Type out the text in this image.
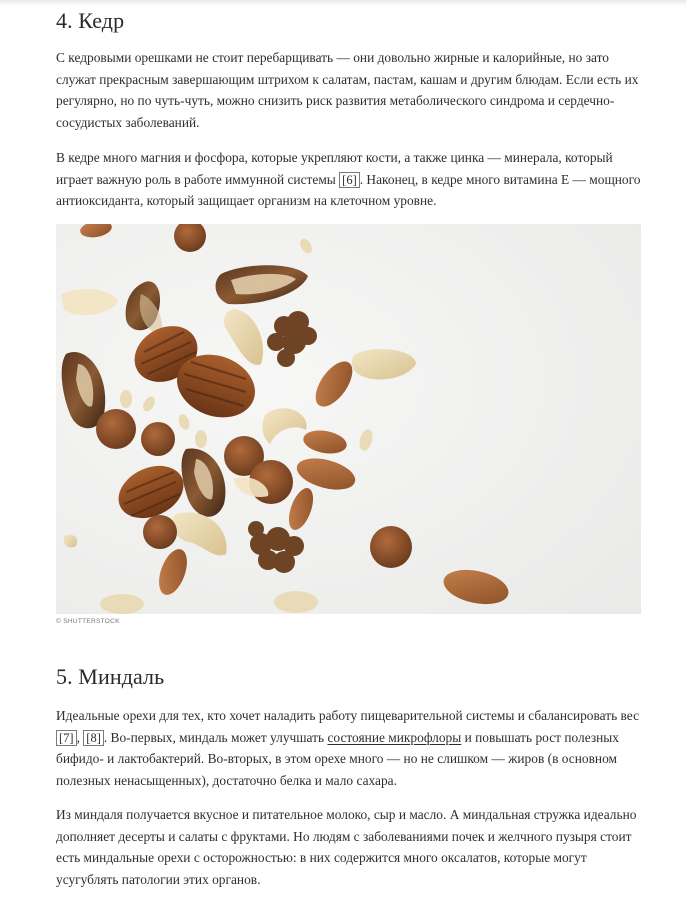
4. Кедр

С кедровыми орешками не стоит перебарщивать — они довольно жирные и калорийные, но зато служат прекрасным завершающим штрихом к салатам, пастам, кашам и другим блюдам. Если есть их регулярно, но по чуть-чуть, можно снизить риск развития метаболического синдрома и сердечно-сосудистых заболеваний.

В кедре много магния и фосфора, которые укрепляют кости, а также цинка — минерала, который играет важную роль в работе иммунной системы [6] . Наконец, в кедре много витамина E — мощного антиоксиданта, который защищает организм на клеточном уровне.

© SHUTTERSTOCK
5. Миндаль

Идеальные орехи для тех, кто хочет наладить работу пищеварительной системы и сбалансировать вес [7] , [8] . Во-первых, миндаль может улучшать состояние микрофлоры и повышать рост полезных бифидо- и лактобактерий. Во-вторых, в этом орехе много — но не слишком — жиров (в основном полезных ненасыщенных), достаточно белка и мало сахара.

Из миндаля получается вкусное и питательное молоко, сыр и масло. А миндальная стружка идеально дополняет десерты и салаты с фруктами. Но людям с заболеваниями почек и желчного пузыря стоит есть миндальные орехи с осторожностью: в них содержится много оксалатов, которые могут усугублять патологии этих органов.
